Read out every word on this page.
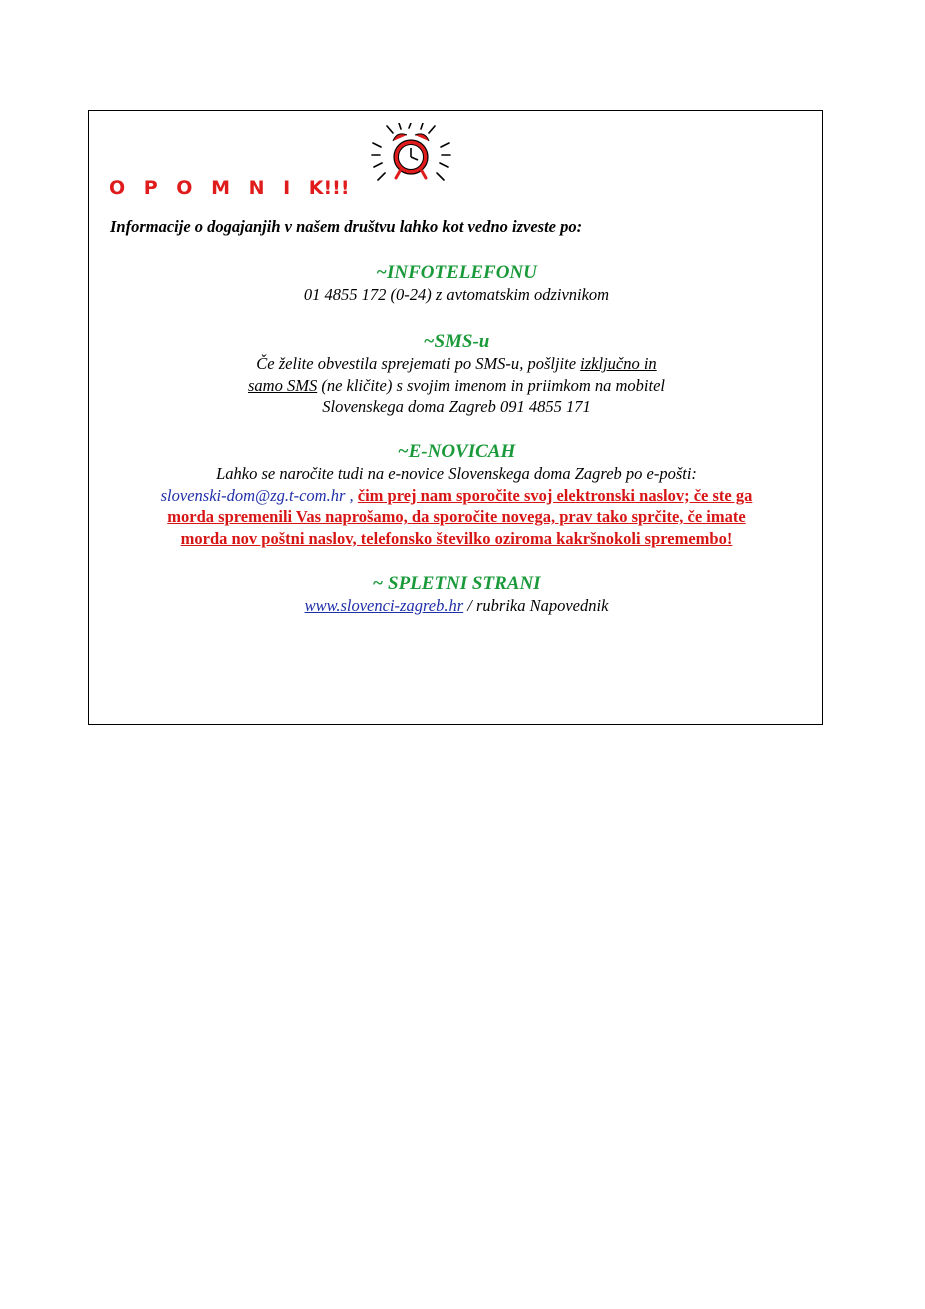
O P O M N I K!!!
Informacije o dogajanjih v našem društvu lahko kot vedno izveste po:
~INFOTELEFONU
01 4855 172 (0-24) z avtomatskim odzivnikom
~SMS-u
Če želite obvestila sprejemati po SMS-u, pošljite izključno in
samo SMS (ne kličite) s svojim imenom in priimkom na mobitel
Slovenskega doma Zagreb 091 4855 171
~E-NOVICAH
Lahko se naročite tudi na e-novice Slovenskega doma Zagreb po e-pošti:
slovenski-dom@zg.t-com.hr , čim prej nam sporočite svoj elektronski naslov; če ste ga
morda spremenili Vas naprošamo, da sporočite novega, prav tako sprčite, če imate
morda nov poštni naslov, telefonsko številko oziroma kakršnokoli spremembo!
~ SPLETNI STRANI
www.slovenci-zagreb.hr / rubrika Napovednik
